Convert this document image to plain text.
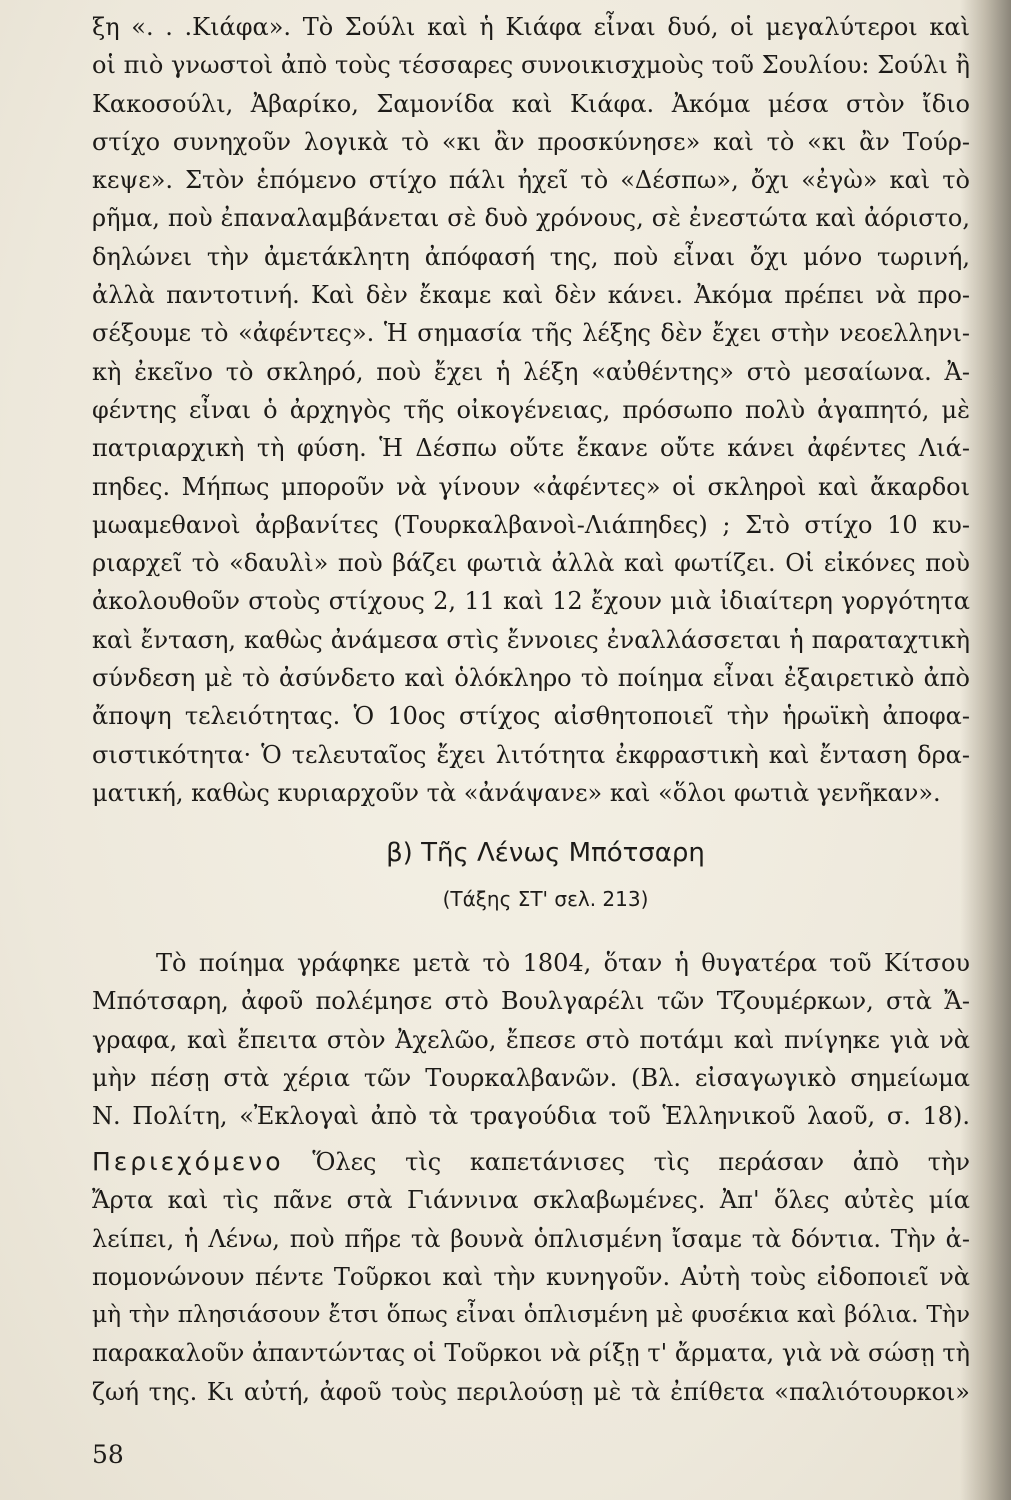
ξη «. . .Κιάφα». Τὸ Σούλι καὶ ἡ Κιάφα εἶναι δυό, οἱ μεγαλύτεροι καὶ
οἱ πιὸ γνωστοὶ ἀπὸ τοὺς τέσσαρες συνοικισχμοὺς τοῦ Σουλίου: Σούλι ἢ
Κακοσούλι, Ἀβαρίκο, Σαμονίδα καὶ Κιάφα. Ἀκόμα μέσα στὸν ἴδιο
στίχο συνηχοῦν λογικὰ τὸ «κι ἂν προσκύνησε» καὶ τὸ «κι ἂν Τούρ-
κεψε». Στὸν ἑπόμενο στίχο πάλι ἠχεῖ τὸ «Δέσπω», ὄχι «ἐγὼ» καὶ τὸ
ρῆμα, ποὺ ἐπαναλαμβάνεται σὲ δυὸ χρόνους, σὲ ἐνεστώτα καὶ ἀόριστο,
δηλώνει τὴν ἀμετάκλητη ἀπόφασή της, ποὺ εἶναι ὄχι μόνο τωρινή,
ἀλλὰ παντοτινή. Καὶ δὲν ἔκαμε καὶ δὲν κάνει. Ἀκόμα πρέπει νὰ προ-
σέξουμε τὸ «ἀφέντες». Ἡ σημασία τῆς λέξης δὲν ἔχει στὴν νεοελληνι-
κὴ ἐκεῖνο τὸ σκληρό, ποὺ ἔχει ἡ λέξη «αὐθέντης» στὸ μεσαίωνα. Ἀ-
φέντης εἶναι ὁ ἀρχηγὸς τῆς οἰκογένειας, πρόσωπο πολὺ ἀγαπητό, μὲ
πατριαρχικὴ τὴ φύση. Ἡ Δέσπω οὔτε ἔκανε οὔτε κάνει ἀφέντες Λιά-
πηδες. Μήπως μποροῦν νὰ γίνουν «ἀφέντες» οἱ σκληροὶ καὶ ἄκαρδοι
μωαμεθανοὶ ἀρβανίτες (Τουρκαλβανοὶ-Λιάπηδες) ; Στὸ στίχο 10 κυ-
ριαρχεῖ τὸ «δαυλὶ» ποὺ βάζει φωτιὰ ἀλλὰ καὶ φωτίζει. Οἱ εἰκόνες ποὺ
ἀκολουθοῦν στοὺς στίχους 2, 11 καὶ 12 ἔχουν μιὰ ἰδιαίτερη γοργότητα
καὶ ἔνταση, καθὼς ἀνάμεσα στὶς ἔννοιες ἐναλλάσσεται ἡ παραταχτικὴ
σύνδεση μὲ τὸ ἀσύνδετο καὶ ὁλόκληρο τὸ ποίημα εἶναι ἐξαιρετικὸ ἀπὸ
ἄποψη τελειότητας. Ὁ 10ος στίχος αἰσθητοποιεῖ τὴν ἡρωϊκὴ ἀποφα-
σιστικότητα· Ὁ τελευταῖος ἔχει λιτότητα ἐκφραστικὴ καὶ ἔνταση δρα-
ματική, καθὼς κυριαρχοῦν τὰ «ἀνάψανε» καὶ «ὅλοι φωτιὰ γενῆκαν».
β) Τῆς Λένως Μπότσαρη
(Τάξης ΣΤ' σελ. 213)
Τὸ ποίημα γράφηκε μετὰ τὸ 1804, ὅταν ἡ θυγατέρα τοῦ Κίτσου
Μπότσαρη, ἀφοῦ πολέμησε στὸ Βουλγαρέλι τῶν Τζουμέρκων, στὰ Ἄ-
γραφα, καὶ ἔπειτα στὸν Ἀχελῶο, ἔπεσε στὸ ποτάμι καὶ πνίγηκε γιὰ νὰ
μὴν πέσῃ στὰ χέρια τῶν Τουρκαλβανῶν. (Βλ. εἰσαγωγικὸ σημείωμα
Ν. Πολίτη, «Ἐκλογαὶ ἀπὸ τὰ τραγούδια τοῦ Ἑλληνικοῦ λαοῦ, σ. 18).
Περιεχόμενο Ὅλες τὶς καπετάνισες τὶς περάσαν ἀπὸ τὴν
Ἄρτα καὶ τὶς πᾶνε στὰ Γιάννινα σκλαβωμένες. Ἀπ' ὅλες αὐτὲς μία
λείπει, ἡ Λένω, ποὺ πῆρε τὰ βουνὰ ὁπλισμένη ἴσαμε τὰ δόντια. Τὴν ἀ-
πομονώνουν πέντε Τοῦρκοι καὶ τὴν κυνηγοῦν. Αὐτὴ τοὺς εἰδοποιεῖ νὰ
μὴ τὴν πλησιάσουν ἔτσι ὅπως εἶναι ὁπλισμένη μὲ φυσέκια καὶ βόλια. Τὴν
παρακαλοῦν ἀπαντώντας οἱ Τοῦρκοι νὰ ρίξῃ τ' ἄρματα, γιὰ νὰ σώσῃ τὴ
ζωή της. Κι αὐτή, ἀφοῦ τοὺς περιλούσῃ μὲ τὰ ἐπίθετα «παλιότουρκοι»
58
